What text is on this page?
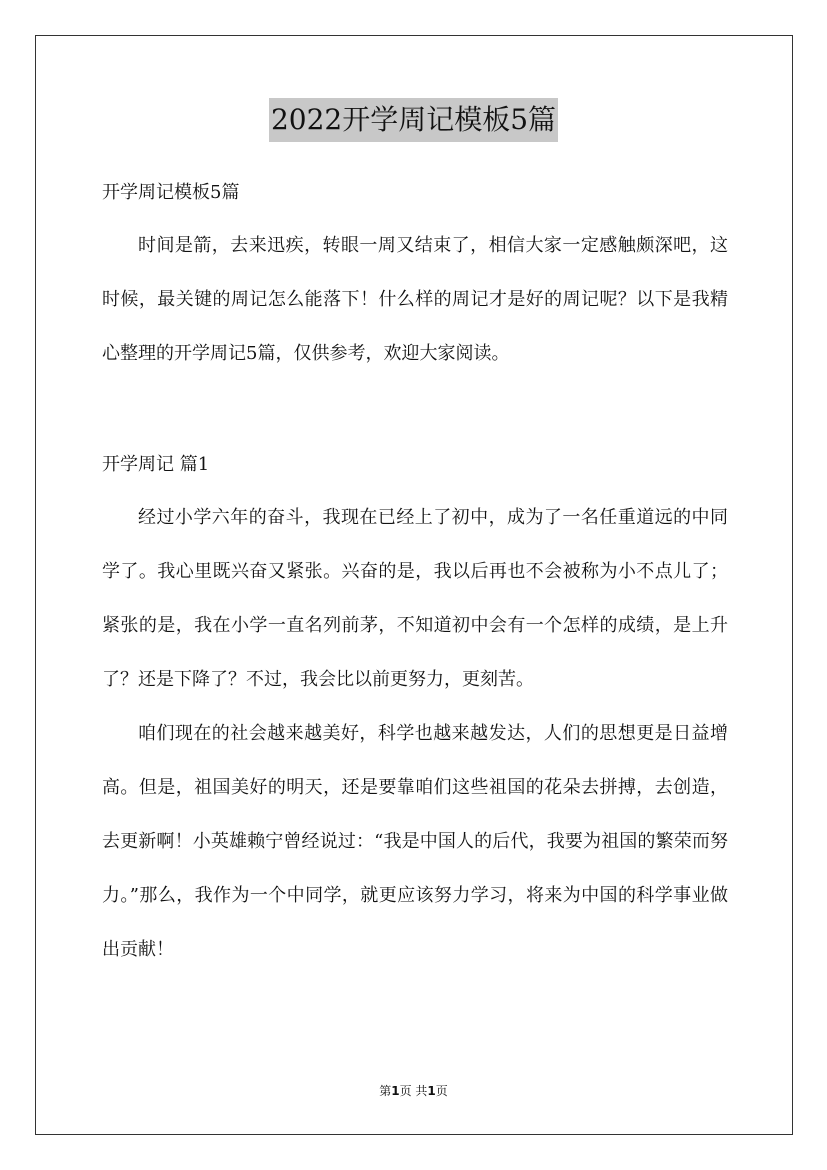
2022开学周记模板5篇
开学周记模板5篇

时间是箭，去来迅疾，转眼一周又结束了，相信大家一定感触颇深吧，这时候，最关键的周记怎么能落下！什么样的周记才是好的周记呢？以下是我精心整理的开学周记5篇，仅供参考，欢迎大家阅读。

开学周记 篇1

经过小学六年的奋斗，我现在已经上了初中，成为了一名任重道远的中同学了。我心里既兴奋又紧张。兴奋的是，我以后再也不会被称为小不点儿了；紧张的是，我在小学一直名列前茅，不知道初中会有一个怎样的成绩，是上升了？还是下降了？不过，我会比以前更努力，更刻苦。

咱们现在的社会越来越美好，科学也越来越发达，人们的思想更是日益增高。但是，祖国美好的明天，还是要靠咱们这些祖国的花朵去拼搏，去创造，去更新啊！小英雄赖宁曾经说过：“我是中国人的后代，我要为祖国的繁荣而努力。”那么，我作为一个中同学，就更应该努力学习，将来为中国的科学事业做出贡献！

第1页 共1页
